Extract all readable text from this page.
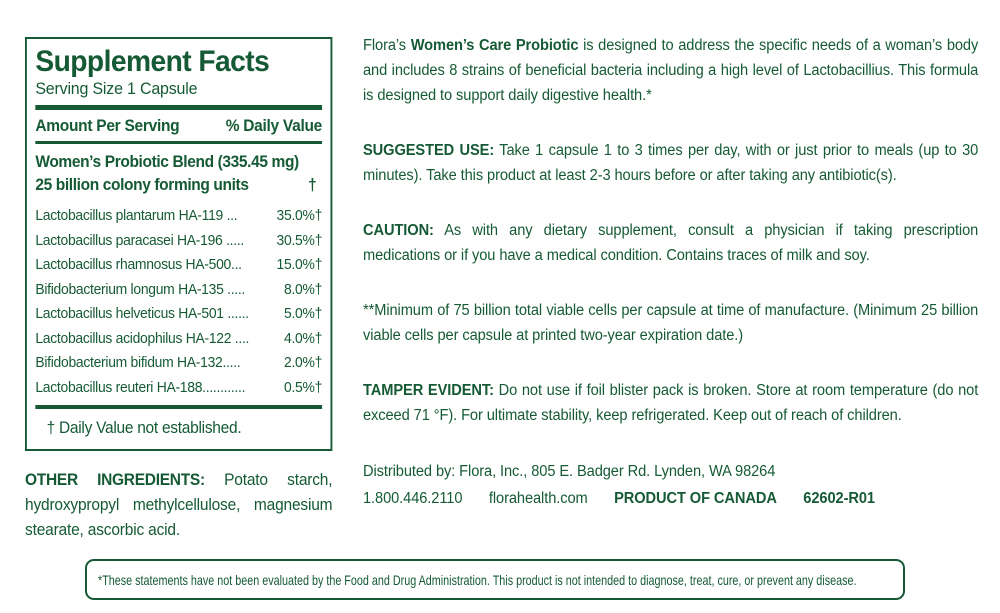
Supplement Facts
Serving Size 1 Capsule
Amount Per Serving	% Daily Value
Women’s Probiotic Blend (335.45 mg)
25 billion colony forming units	†
Lactobacillus plantarum HA-119 ...	35.0%†
Lactobacillus paracasei HA-196 ..... 30.5%†
Lactobacillus rhamnosus HA-500... 15.0%†
Bifidobacterium longum HA-135 .....	8.0%†
Lactobacillus helveticus HA-501 ...... 5.0%†
Lactobacillus acidophilus HA-122 .... 4.0%†
Bifidobacterium bifidum HA-132.....	2.0%†
Lactobacillus reuteri HA-188............	0.5%†
† Daily Value not established.
OTHER INGREDIENTS: Potato starch, hydroxypropyl methylcellulose, magnesium stearate, ascorbic acid.

Flora’s Women’s Care Probiotic is designed to address the specific needs of a woman’s body and includes 8 strains of beneficial bacteria including a high level of Lactobacillius. This formula is designed to support daily digestive health.*

SUGGESTED USE: Take 1 capsule 1 to 3 times per day, with or just prior to meals (up to 30 minutes). Take this product at least 2-3 hours before or after taking any antibiotic(s).

CAUTION: As with any dietary supplement, consult a physician if taking prescription medications or if you have a medical condition. Contains traces of milk and soy.

**Minimum of 75 billion total viable cells per capsule at time of manufacture. (Minimum 25 billion viable cells per capsule at printed two-year expiration date.)

TAMPER EVIDENT: Do not use if foil blister pack is broken. Store at room temperature (do not exceed 71 °F). For ultimate stability, keep refrigerated. Keep out of reach of children.

Distributed by: Flora, Inc., 805 E. Badger Rd. Lynden, WA 98264
1.800.446.2110 florahealth.com PRODUCT OF CANADA 62602-R01
*These statements have not been evaluated by the Food and Drug Administration. This product is not intended to diagnose, treat, cure, or prevent any disease.
